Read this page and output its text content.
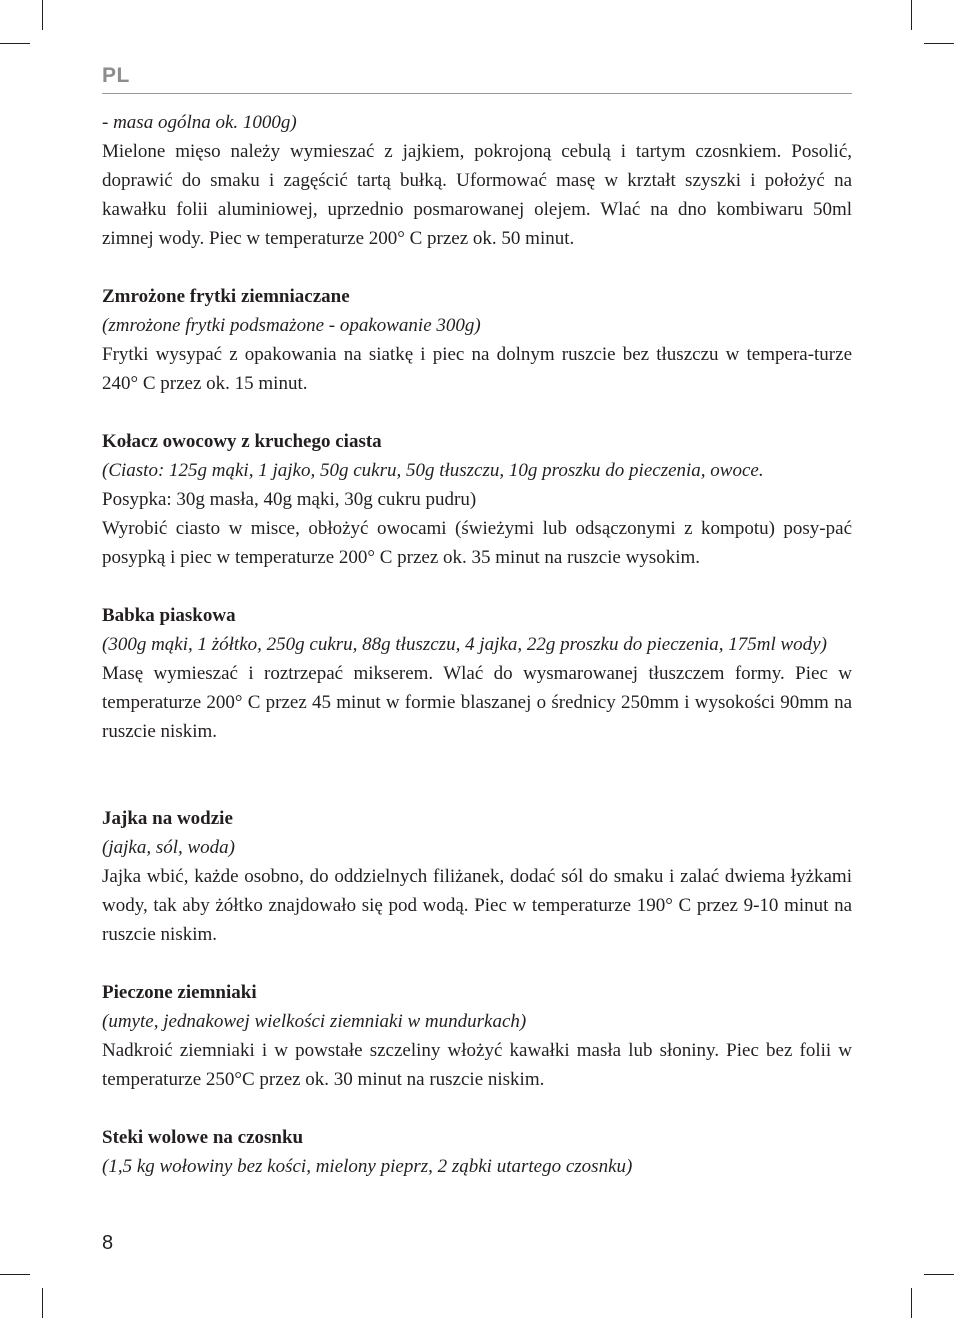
PL

- masa ogólna ok. 1000g)

Mielone mięso należy wymieszać z jajkiem, pokrojoną cebulą i tartym czosnkiem. Posolić, doprawić do smaku i zagęścić tartą bułką. Uformować masę w krztałt szyszki i położyć na kawałku folii aluminiowej, uprzednio posmarowanej olejem. Wlać na dno kombiwaru 50ml zimnej wody. Piec w temperaturze 200° C przez ok. 50 minut.

Zmrożone frytki ziemniaczane

(zmrożone frytki podsmażone - opakowanie 300g)

Frytki wysypać z opakowania na siatkę i piec na dolnym ruszcie bez tłuszczu w tempera-turze 240° C przez ok. 15 minut.

Kołacz owocowy z kruchego ciasta

(Ciasto: 125g mąki, 1 jajko, 50g cukru, 50g tłuszczu, 10g proszku do pieczenia, owoce.

Posypka: 30g masła, 40g mąki, 30g cukru pudru)

Wyrobić ciasto w misce, obłożyć owocami (świeżymi lub odsączonymi z kompotu) posy-pać posypką i piec w temperaturze 200° C przez ok. 35 minut na ruszcie wysokim.

Babka piaskowa

(300g mąki, 1 żółtko, 250g cukru, 88g tłuszczu, 4 jajka, 22g proszku do pieczenia, 175ml wody)

Masę wymieszać i roztrzepać mikserem. Wlać do wysmarowanej tłuszczem formy. Piec w temperaturze 200° C przez 45 minut w formie blaszanej o średnicy 250mm i wysokości 90mm na ruszcie niskim.

Jajka na wodzie

(jajka, sól, woda)

Jajka wbić, każde osobno, do oddzielnych filiżanek, dodać sól do smaku i zalać dwiema łyżkami wody, tak aby żółtko znajdowało się pod wodą. Piec w temperaturze 190° C przez 9-10 minut na ruszcie niskim.

Pieczone ziemniaki

(umyte, jednakowej wielkości ziemniaki w mundurkach)

Nadkroić ziemniaki i w powstałe szczeliny włożyć kawałki masła lub słoniny. Piec bez folii w temperaturze 250°C przez ok. 30 minut na ruszcie niskim.

Steki wolowe na czosnku

(1,5 kg wołowiny bez kości, mielony pieprz, 2 ząbki utartego czosnku)

8
